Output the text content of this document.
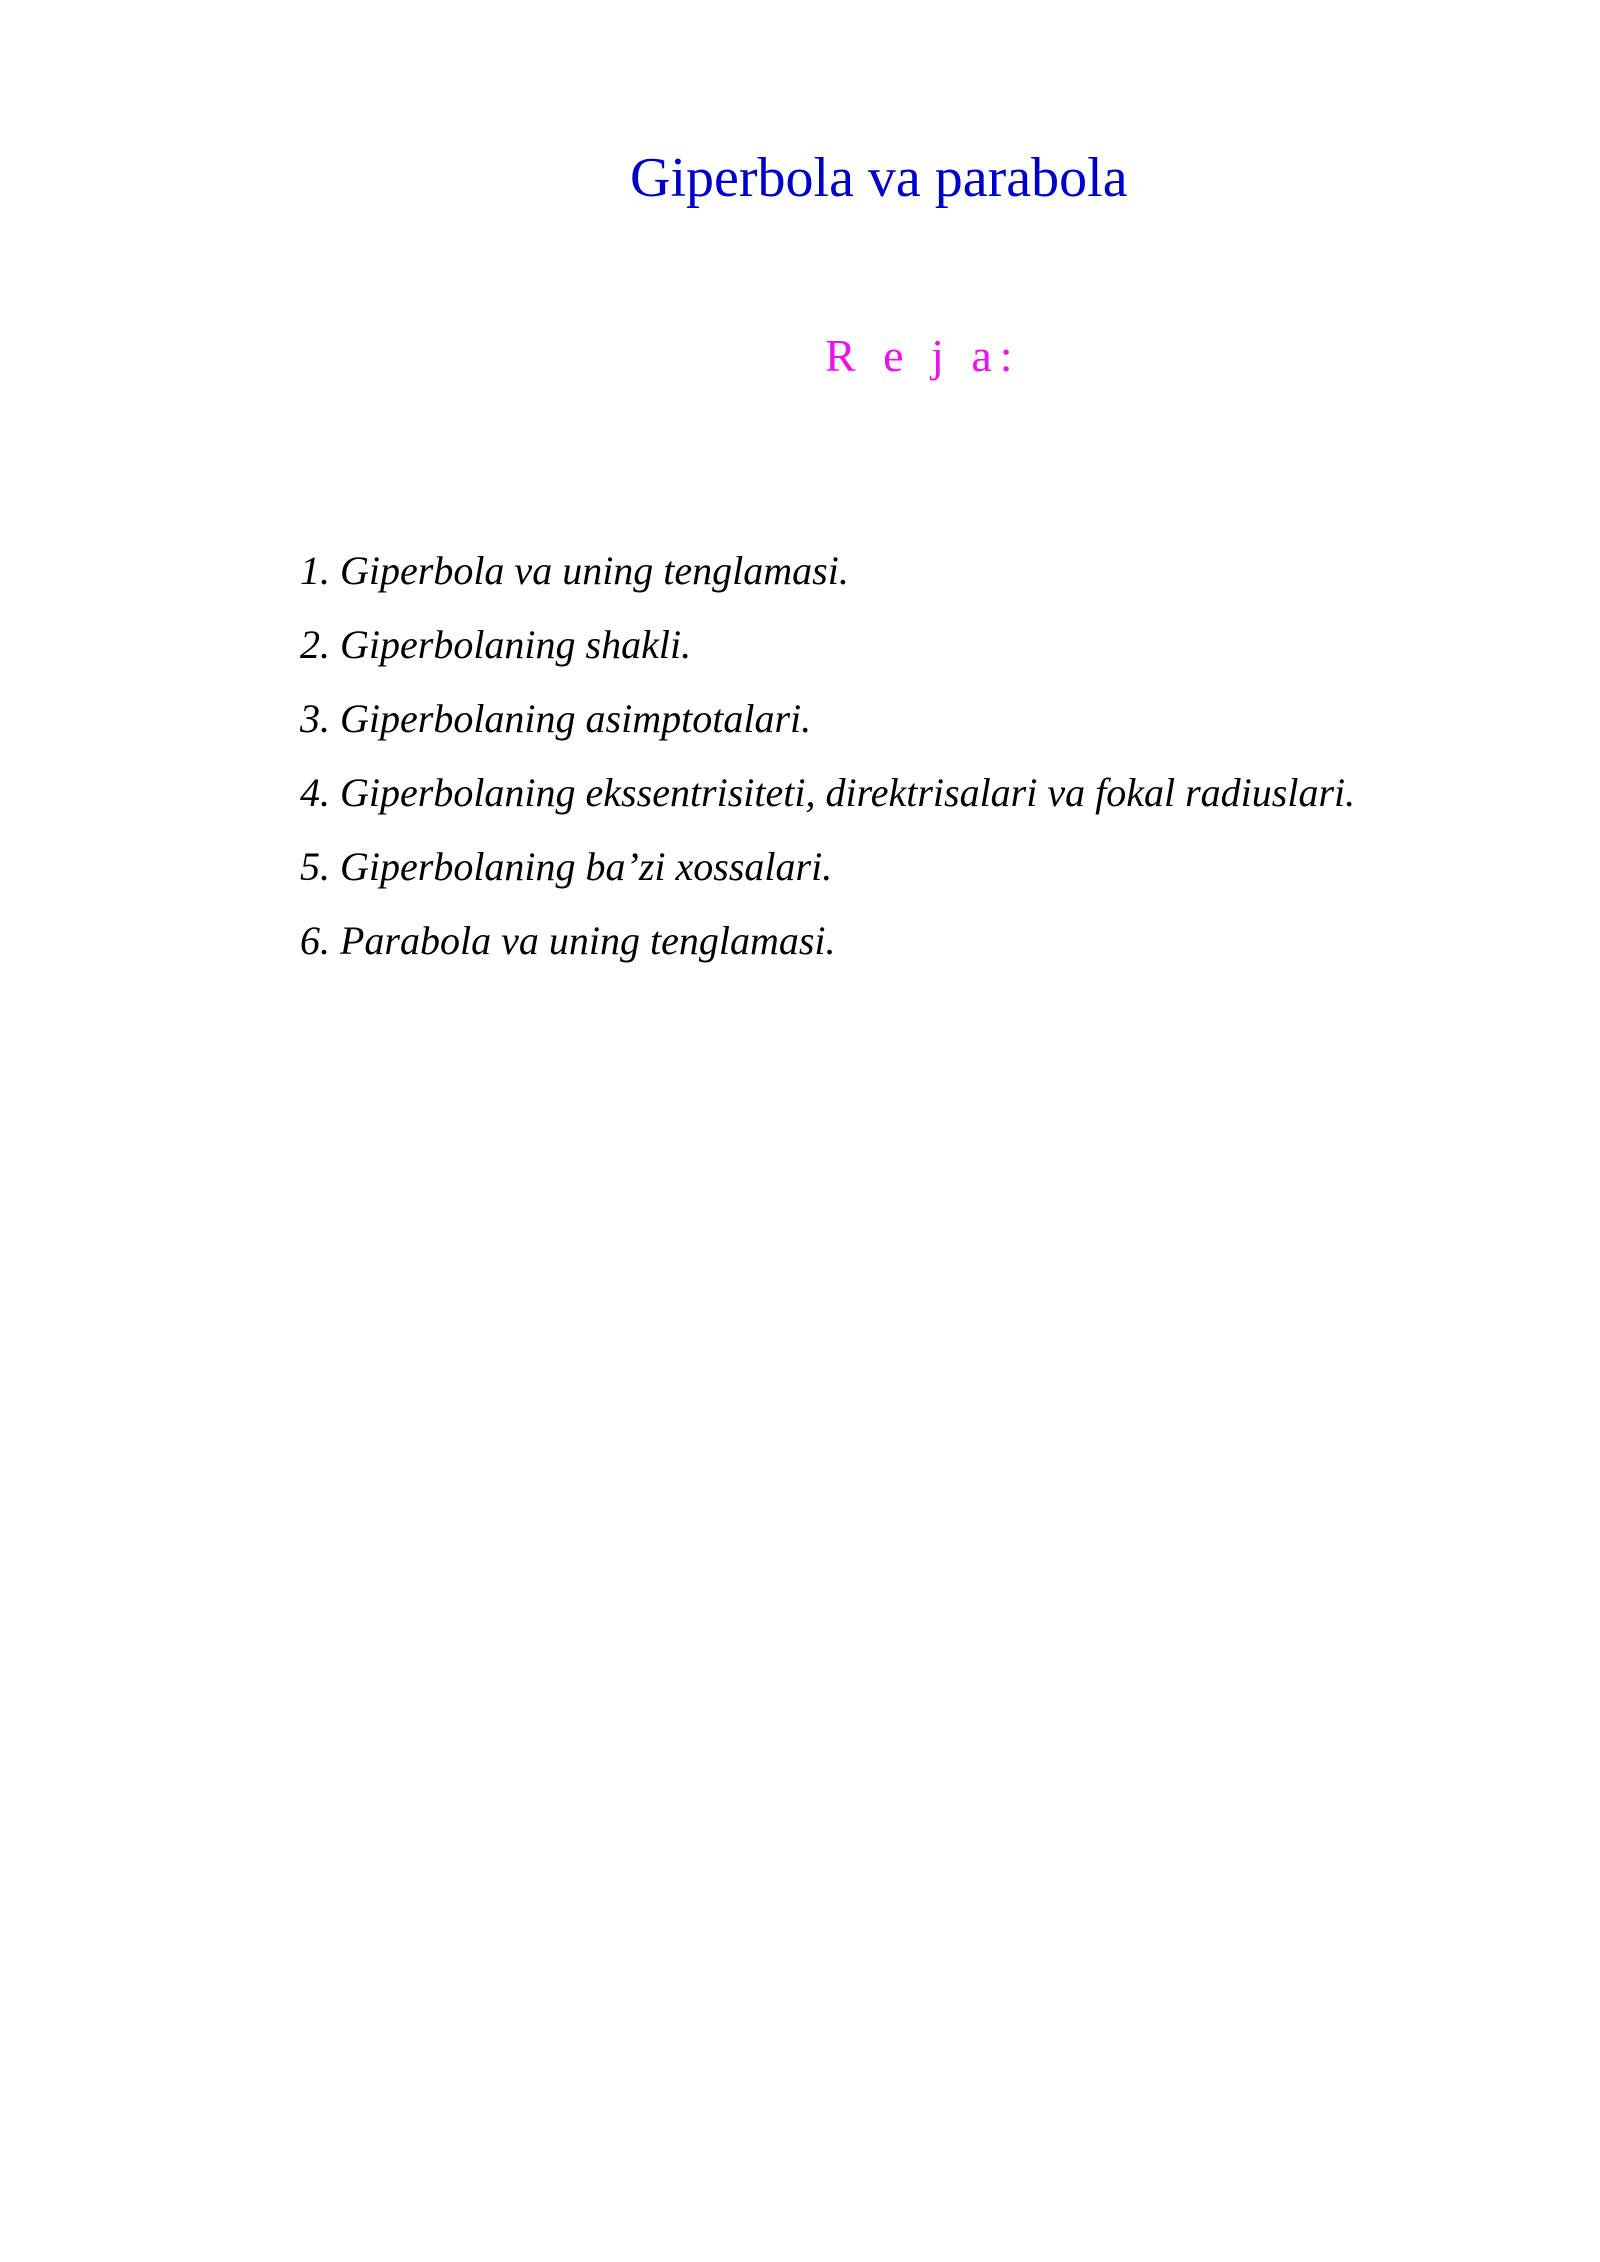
Giperbola va parabola
R e j a:
1. Giperbola va uning tenglamasi.
2. Giperbolaning shakli.
3. Giperbolaning asimptotalari.
4. Giperbolaning ekssentrisiteti, direktrisalari va fokal radiuslari.
5. Giperbolaning ba’zi xossalari.
6. Parabola va uning tenglamasi.
